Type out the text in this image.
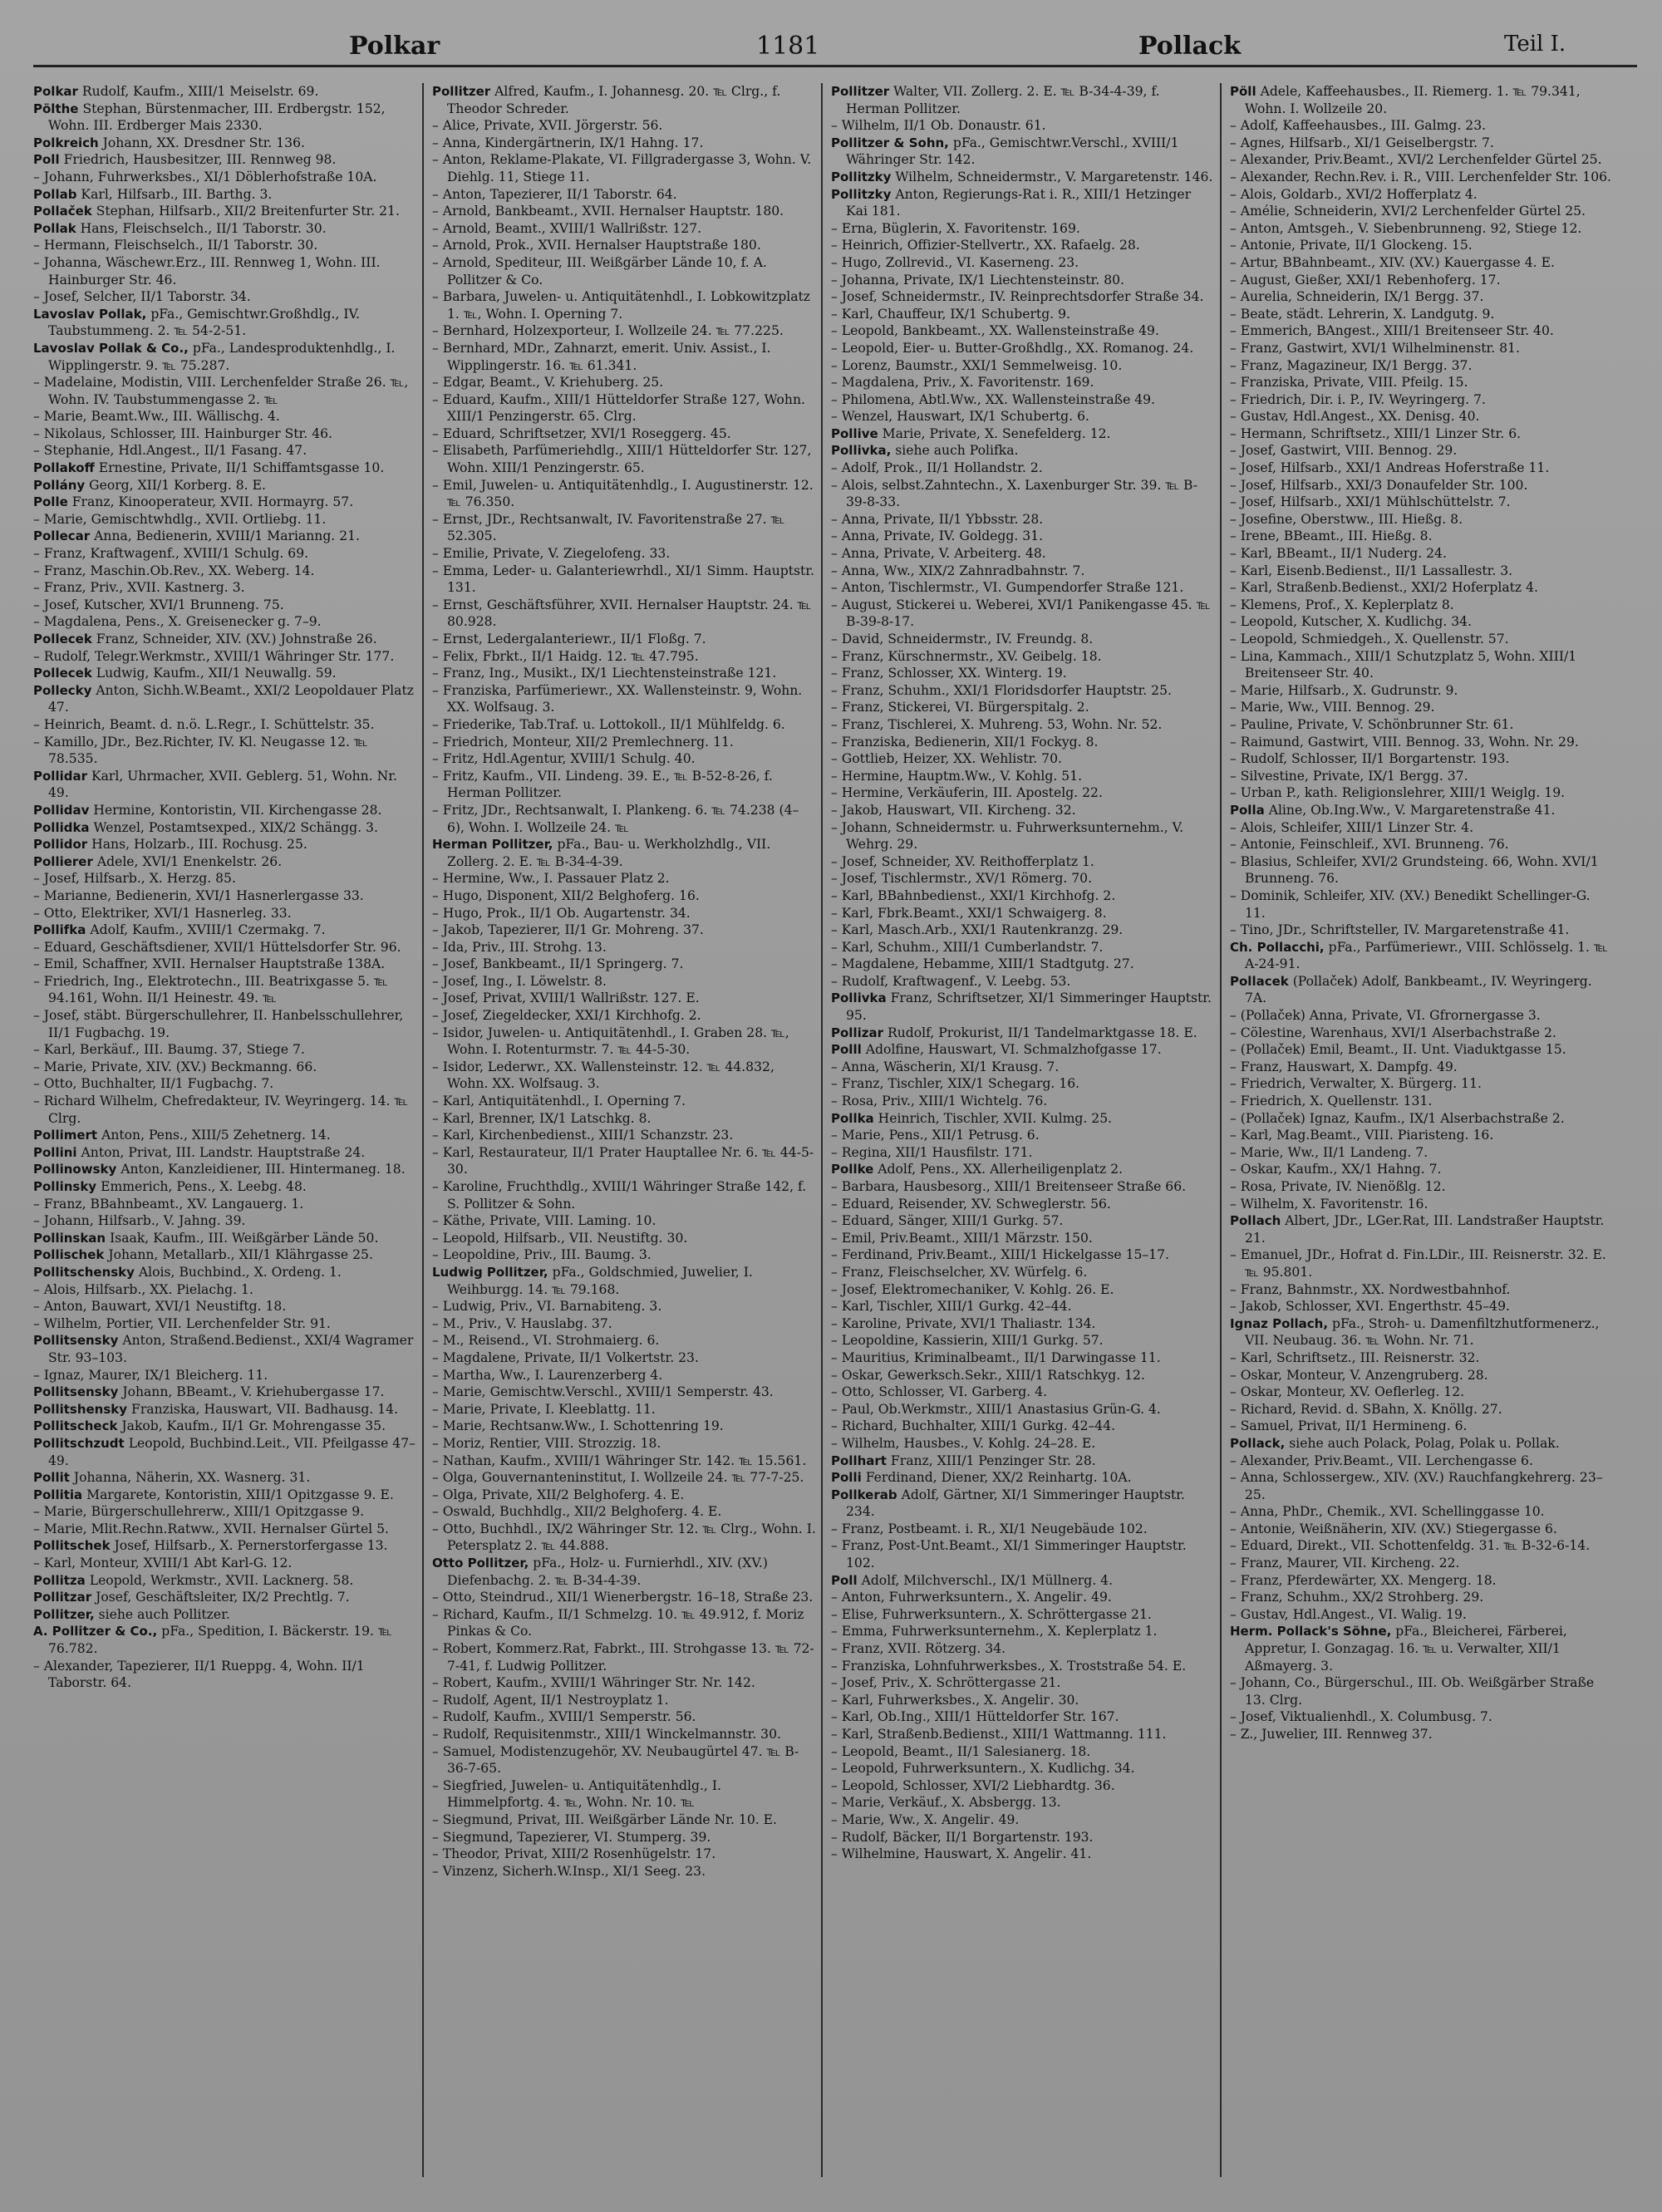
Polkar	1181	Pollack	Teil I.

Polkar Rudolf, Kaufm., XIII/1 Meiselstr. 69.

Pölthe Stephan, Bürstenmacher, III. Erdbergstr. 152, Wohn. III. Erdberger Mais 2330.

Polkreich Johann, XX. Dresdner Str. 136.

Poll Friedrich, Hausbesitzer, III. Rennweg 98.

– Johann, Fuhrwerksbes., XI/1 Döblerhofstraße 10A.

Pollab Karl, Hilfsarb., III. Barthg. 3.

Pollaček Stephan, Hilfsarb., XII/2 Breitenfurter Str. 21.

Pollak Hans, Fleischselch., II/1 Taborstr. 30.

– Hermann, Fleischselch., II/1 Taborstr. 30.

– Johanna, Wäschewr.Erz., III. Rennweg 1, Wohn. III. Hainburger Str. 46.

– Josef, Selcher, II/1 Taborstr. 34.

Lavoslav Pollak, pFa., Gemischtwr.Großhdlg., IV. Taubstummeng. 2. ℡ 54-2-51.

Lavoslav Pollak & Co., pFa., Landesproduktenhdlg., I. Wipplingerstr. 9. ℡ 75.287.

– Madelaine, Modistin, VIII. Lerchenfelder Straße 26. ℡, Wohn. IV. Taubstummengasse 2. ℡

– Marie, Beamt.Ww., III. Wällischg. 4.

– Nikolaus, Schlosser, III. Hainburger Str. 46.

– Stephanie, Hdl.Angest., II/1 Fasang. 47.

Pollakoff Ernestine, Private, II/1 Schiffamtsgasse 10.

Pollány Georg, XII/1 Korberg. 8. E.

Polle Franz, Kinooperateur, XVII. Hormayrg. 57.

– Marie, Gemischtwhdlg., XVII. Ortliebg. 11.

Pollecar Anna, Bedienerin, XVIII/1 Marianng. 21.

– Franz, Kraftwagenf., XVIII/1 Schulg. 69.

– Franz, Maschin.Ob.Rev., XX. Weberg. 14.

– Franz, Priv., XVII. Kastnerg. 3.

– Josef, Kutscher, XVI/1 Brunneng. 75.

– Magdalena, Pens., X. Greisenecker g. 7–9.

Pollecek Franz, Schneider, XIV. (XV.) Johnstraße 26.

– Rudolf, Telegr.Werkmstr., XVIII/1 Währinger Str. 177.

Pollecek Ludwig, Kaufm., XII/1 Neuwallg. 59.

Pollecky Anton, Sichh.W.Beamt., XXI/2 Leopoldauer Platz 47.

– Heinrich, Beamt. d. n.ö. L.Regr., I. Schüttelstr. 35.

– Kamillo, JDr., Bez.Richter, IV. Kl. Neugasse 12. ℡ 78.535.

Pollidar Karl, Uhrmacher, XVII. Geblerg. 51, Wohn. Nr. 49.

Pollidav Hermine, Kontoristin, VII. Kirchengasse 28.

Pollidka Wenzel, Postamtsexped., XIX/2 Schängg. 3.

Pollidor Hans, Holzarb., III. Rochusg. 25.

Pollierer Adele, XVI/1 Enenkelstr. 26.

– Josef, Hilfsarb., X. Herzg. 85.

– Marianne, Bedienerin, XVI/1 Hasnerlergasse 33.

– Otto, Elektriker, XVI/1 Hasnerleg. 33.

Pollifka Adolf, Kaufm., XVIII/1 Czermakg. 7.

– Eduard, Geschäftsdiener, XVII/1 Hüttelsdorfer Str. 96.

– Emil, Schaffner, XVII. Hernalser Hauptstraße 138A.

– Friedrich, Ing., Elektrotechn., III. Beatrixgasse 5. ℡ 94.161, Wohn. II/1 Heinestr. 49. ℡

– Josef, stäbt. Bürgerschullehrer, II. Hanbelsschullehrer, II/1 Fugbachg. 19.

– Karl, Berkäuf., III. Baumg. 37, Stiege 7.

– Marie, Private, XIV. (XV.) Beckmanng. 66.

– Otto, Buchhalter, II/1 Fugbachg. 7.

– Richard Wilhelm, Chefredakteur, IV. Weyringerg. 14. ℡ Clrg.

Pollimert Anton, Pens., XIII/5 Zehetnerg. 14.

Pollini Anton, Privat, III. Landstr. Hauptstraße 24.

Pollinowsky Anton, Kanzleidiener, III. Hintermaneg. 18.

Pollinsky Emmerich, Pens., X. Leebg. 48.

– Franz, BBahnbeamt., XV. Langauerg. 1.

– Johann, Hilfsarb., V. Jahng. 39.

Pollinskan Isaak, Kaufm., III. Weißgärber Lände 50.

Pollischek Johann, Metallarb., XII/1 Klährgasse 25.

Pollitschensky Alois, Buchbind., X. Ordeng. 1.

– Alois, Hilfsarb., XX. Pielachg. 1.

– Anton, Bauwart, XVI/1 Neustiftg. 18.

– Wilhelm, Portier, VII. Lerchenfelder Str. 91.

Pollitsensky Anton, Straßend.Bedienst., XXI/4 Wagramer Str. 93–103.

– Ignaz, Maurer, IX/1 Bleicherg. 11.

Pollitsensky Johann, BBeamt., V. Kriehubergasse 17.

Pollitshensky Franziska, Hauswart, VII. Badhausg. 14.

Pollitscheck Jakob, Kaufm., II/1 Gr. Mohrengasse 35.

Pollitschzudt Leopold, Buchbind.Leit., VII. Pfeilgasse 47–49.

Pollit Johanna, Näherin, XX. Wasnerg. 31.

Pollitia Margarete, Kontoristin, XIII/1 Opitzgasse 9. E.

– Marie, Bürgerschullehrerw., XIII/1 Opitzgasse 9.

– Marie, Mlit.Rechn.Ratww., XVII. Hernalser Gürtel 5.

Pollitschek Josef, Hilfsarb., X. Pernerstorfergasse 13.

– Karl, Monteur, XVIII/1 Abt Karl-G. 12.

Pollitza Leopold, Werkmstr., XVII. Lacknerg. 58.

Pollitzar Josef, Geschäftsleiter, IX/2 Prechtlg. 7.

Pollitzer, siehe auch Pollitzer.

A. Pollitzer & Co., pFa., Spedition, I. Bäckerstr. 19. ℡ 76.782.

– Alexander, Tapezierer, II/1 Rueppg. 4, Wohn. II/1 Taborstr. 64.

Pollitzer Alfred, Kaufm., I. Johannesg. 20. ℡ Clrg., f. Theodor Schreder.

– Alice, Private, XVII. Jörgerstr. 56.

– Anna, Kindergärtnerin, IX/1 Hahng. 17.

– Anton, Reklame-Plakate, VI. Fillgradergasse 3, Wohn. V. Diehlg. 11, Stiege 11.

– Anton, Tapezierer, II/1 Taborstr. 64.

– Arnold, Bankbeamt., XVII. Hernalser Hauptstr. 180.

– Arnold, Beamt., XVIII/1 Wallrißstr. 127.

– Arnold, Prok., XVII. Hernalser Hauptstraße 180.

– Arnold, Spediteur, III. Weißgärber Lände 10, f. A. Pollitzer & Co.

– Barbara, Juwelen- u. Antiquitätenhdl., I. Lobkowitzplatz 1. ℡, Wohn. I. Operning 7.

– Bernhard, Holzexporteur, I. Wollzeile 24. ℡ 77.225.

– Bernhard, MDr., Zahnarzt, emerit. Univ. Assist., I. Wipplingerstr. 16. ℡ 61.341.

– Edgar, Beamt., V. Kriehuberg. 25.

– Eduard, Kaufm., XIII/1 Hütteldorfer Straße 127, Wohn. XIII/1 Penzingerstr. 65. Clrg.

– Eduard, Schriftsetzer, XVI/1 Roseggerg. 45.

– Elisabeth, Parfümeriehdlg., XIII/1 Hütteldorfer Str. 127, Wohn. XIII/1 Penzingerstr. 65.

– Emil, Juwelen- u. Antiquitätenhdlg., I. Augustinerstr. 12. ℡ 76.350.

– Ernst, JDr., Rechtsanwalt, IV. Favoritenstraße 27. ℡ 52.305.

– Emilie, Private, V. Ziegelofeng. 33.

– Emma, Leder- u. Galanteriewrhdl., XI/1 Simm. Hauptstr. 131.

– Ernst, Geschäftsführer, XVII. Hernalser Hauptstr. 24. ℡ 80.928.

– Ernst, Ledergalanteriewr., II/1 Floßg. 7.

– Felix, Fbrkt., II/1 Haidg. 12. ℡ 47.795.

– Franz, Ing., Musikt., IX/1 Liechtensteinstraße 121.

– Franziska, Parfümeriewr., XX. Wallensteinstr. 9, Wohn. XX. Wolfsaug. 3.

– Friederike, Tab.Traf. u. Lottokoll., II/1 Mühlfeldg. 6.

– Friedrich, Monteur, XII/2 Premlechnerg. 11.

– Fritz, Hdl.Agentur, XVIII/1 Schulg. 40.

– Fritz, Kaufm., VII. Lindeng. 39. E., ℡ B-52-8-26, f. Herman Pollitzer.

– Fritz, JDr., Rechtsanwalt, I. Plankeng. 6. ℡ 74.238 (4–6), Wohn. I. Wollzeile 24. ℡

Herman Pollitzer, pFa., Bau- u. Werkholzhdlg., VII. Zollerg. 2. E. ℡ B-34-4-39.

– Hermine, Ww., I. Passauer Platz 2.

– Hugo, Disponent, XII/2 Belghoferg. 16.

– Hugo, Prok., II/1 Ob. Augartenstr. 34.

– Jakob, Tapezierer, II/1 Gr. Mohreng. 37.

– Ida, Priv., III. Strohg. 13.

– Josef, Bankbeamt., II/1 Springerg. 7.

– Josef, Ing., I. Löwelstr. 8.

– Josef, Privat, XVIII/1 Wallrißstr. 127. E.

– Josef, Ziegeldecker, XXI/1 Kirchhofg. 2.

– Isidor, Juwelen- u. Antiquitätenhdl., I. Graben 28. ℡, Wohn. I. Rotenturmstr. 7. ℡ 44-5-30.

– Isidor, Lederwr., XX. Wallensteinstr. 12. ℡ 44.832, Wohn. XX. Wolfsaug. 3.

– Karl, Antiquitätenhdl., I. Operning 7.

– Karl, Brenner, IX/1 Latschkg. 8.

– Karl, Kirchenbedienst., XIII/1 Schanzstr. 23.

– Karl, Restaurateur, II/1 Prater Hauptallee Nr. 6. ℡ 44-5-30.

– Karoline, Fruchthdlg., XVIII/1 Währinger Straße 142, f. S. Pollitzer & Sohn.

– Käthe, Private, VIII. Laming. 10.

– Leopold, Hilfsarb., VII. Neustiftg. 30.

– Leopoldine, Priv., III. Baumg. 3.

Ludwig Pollitzer, pFa., Goldschmied, Juwelier, I. Weihburgg. 14. ℡ 79.168.

– Ludwig, Priv., VI. Barnabiteng. 3.

– M., Priv., V. Hauslabg. 37.

– M., Reisend., VI. Strohmaierg. 6.

– Magdalene, Private, II/1 Volkertstr. 23.

– Martha, Ww., I. Laurenzerberg 4.

– Marie, Gemischtw.Verschl., XVIII/1 Semperstr. 43.

– Marie, Private, I. Kleeblattg. 11.

– Marie, Rechtsanw.Ww., I. Schottenring 19.

– Moriz, Rentier, VIII. Strozzig. 18.

– Nathan, Kaufm., XVIII/1 Währinger Str. 142. ℡ 15.561.

– Olga, Gouvernanteninstitut, I. Wollzeile 24. ℡ 77-7-25.

– Olga, Private, XII/2 Belghoferg. 4. E.

– Oswald, Buchhdlg., XII/2 Belghoferg. 4. E.

– Otto, Buchhdl., IX/2 Währinger Str. 12. ℡ Clrg., Wohn. I. Petersplatz 2. ℡ 44.888.

Otto Pollitzer, pFa., Holz- u. Furnierhdl., XIV. (XV.) Diefenbachg. 2. ℡ B-34-4-39.

– Otto, Steindrud., XII/1 Wienerbergstr. 16–18, Straße 23.

– Richard, Kaufm., II/1 Schmelzg. 10. ℡ 49.912, f. Moriz Pinkas & Co.

– Robert, Kommerz.Rat, Fabrkt., III. Strohgasse 13. ℡ 72-7-41, f. Ludwig Pollitzer.

– Robert, Kaufm., XVIII/1 Währinger Str. Nr. 142.

– Rudolf, Agent, II/1 Nestroyplatz 1.

– Rudolf, Kaufm., XVIII/1 Semperstr. 56.

– Rudolf, Requisitenmstr., XIII/1 Winckelmannstr. 30.

– Samuel, Modistenzugehör, XV. Neubaugürtel 47. ℡ B-36-7-65.

– Siegfried, Juwelen- u. Antiquitätenhdlg., I. Himmelpfortg. 4. ℡, Wohn. Nr. 10. ℡

– Siegmund, Privat, III. Weißgärber Lände Nr. 10. E.

– Siegmund, Tapezierer, VI. Stumperg. 39.

– Theodor, Privat, XIII/2 Rosenhügelstr. 17.

– Vinzenz, Sicherh.W.Insp., XI/1 Seeg. 23.

Pollitzer Walter, VII. Zollerg. 2. E. ℡ B-34-4-39, f. Herman Pollitzer.

– Wilhelm, II/1 Ob. Donaustr. 61.

Pollitzer & Sohn, pFa., Gemischtwr.Verschl., XVIII/1 Währinger Str. 142.

Pollitzky Wilhelm, Schneidermstr., V. Margaretenstr. 146.

Pollitzky Anton, Regierungs-Rat i. R., XIII/1 Hetzinger Kai 181.

– Erna, Büglerin, X. Favoritenstr. 169.

– Heinrich, Offizier-Stellvertr., XX. Rafaelg. 28.

– Hugo, Zollrevid., VI. Kaserneng. 23.

– Johanna, Private, IX/1 Liechtensteinstr. 80.

– Josef, Schneidermstr., IV. Reinprechtsdorfer Straße 34.

– Karl, Chauffeur, IX/1 Schubertg. 9.

– Leopold, Bankbeamt., XX. Wallensteinstraße 49.

– Leopold, Eier- u. Butter-Großhdlg., XX. Romanog. 24.

– Lorenz, Baumstr., XXI/1 Semmelweisg. 10.

– Magdalena, Priv., X. Favoritenstr. 169.

– Philomena, Abtl.Ww., XX. Wallensteinstraße 49.

– Wenzel, Hauswart, IX/1 Schubertg. 6.

Pollive Marie, Private, X. Senefelderg. 12.

Pollivka, siehe auch Polifka.

– Adolf, Prok., II/1 Hollandstr. 2.

– Alois, selbst.Zahntechn., X. Laxenburger Str. 39. ℡ B-39-8-33.

– Anna, Private, II/1 Ybbsstr. 28.

– Anna, Private, IV. Goldegg. 31.

– Anna, Private, V. Arbeiterg. 48.

– Anna, Ww., XIX/2 Zahnradbahnstr. 7.

– Anton, Tischlermstr., VI. Gumpendorfer Straße 121.

– August, Stickerei u. Weberei, XVI/1 Panikengasse 45. ℡ B-39-8-17.

– David, Schneidermstr., IV. Freundg. 8.

– Franz, Kürschnermstr., XV. Geibelg. 18.

– Franz, Schlosser, XX. Winterg. 19.

– Franz, Schuhm., XXI/1 Floridsdorfer Hauptstr. 25.

– Franz, Stickerei, VI. Bürgerspitalg. 2.

– Franz, Tischlerei, X. Muhreng. 53, Wohn. Nr. 52.

– Franziska, Bedienerin, XII/1 Fockyg. 8.

– Gottlieb, Heizer, XX. Wehlistr. 70.

– Hermine, Hauptm.Ww., V. Kohlg. 51.

– Hermine, Verkäuferin, III. Apostelg. 22.

– Jakob, Hauswart, VII. Kircheng. 32.

– Johann, Schneidermstr. u. Fuhrwerksunternehm., V. Wehrg. 29.

– Josef, Schneider, XV. Reithofferplatz 1.

– Josef, Tischlermstr., XV/1 Römerg. 70.

– Karl, BBahnbedienst., XXI/1 Kirchhofg. 2.

– Karl, Fbrk.Beamt., XXI/1 Schwaigerg. 8.

– Karl, Masch.Arb., XXI/1 Rautenkranzg. 29.

– Karl, Schuhm., XIII/1 Cumberlandstr. 7.

– Magdalene, Hebamme, XIII/1 Stadtgutg. 27.

– Rudolf, Kraftwagenf., V. Leebg. 53.

Pollivka Franz, Schriftsetzer, XI/1 Simmeringer Hauptstr. 95.

Pollizar Rudolf, Prokurist, II/1 Tandelmarktgasse 18. E.

Polll Adolfine, Hauswart, VI. Schmalzhofgasse 17.

– Anna, Wäscherin, XI/1 Krausg. 7.

– Franz, Tischler, XIX/1 Schegarg. 16.

– Rosa, Priv., XIII/1 Wichtelg. 76.

Pollka Heinrich, Tischler, XVII. Kulmg. 25.

– Marie, Pens., XII/1 Petrusg. 6.

– Regina, XII/1 Hausfilstr. 171.

Pollke Adolf, Pens., XX. Allerheiligenplatz 2.

– Barbara, Hausbesorg., XIII/1 Breitenseer Straße 66.

– Eduard, Reisender, XV. Schweglerstr. 56.

– Eduard, Sänger, XIII/1 Gurkg. 57.

– Emil, Priv.Beamt., XIII/1 Märzstr. 150.

– Ferdinand, Priv.Beamt., XIII/1 Hickelgasse 15–17.

– Franz, Fleischselcher, XV. Würfelg. 6.

– Josef, Elektromechaniker, V. Kohlg. 26. E.

– Karl, Tischler, XIII/1 Gurkg. 42–44.

– Karoline, Private, XVI/1 Thaliastr. 134.

– Leopoldine, Kassierin, XIII/1 Gurkg. 57.

– Mauritius, Kriminalbeamt., II/1 Darwingasse 11.

– Oskar, Gewerksch.Sekr., XIII/1 Ratschkyg. 12.

– Otto, Schlosser, VI. Garberg. 4.

– Paul, Ob.Werkmstr., XIII/1 Anastasius Grün-G. 4.

– Richard, Buchhalter, XIII/1 Gurkg. 42–44.

– Wilhelm, Hausbes., V. Kohlg. 24–28. E.

Pollhart Franz, XIII/1 Penzinger Str. 28.

Polli Ferdinand, Diener, XX/2 Reinhartg. 10A.

Pollkerab Adolf, Gärtner, XI/1 Simmeringer Hauptstr. 234.

– Franz, Postbeamt. i. R., XI/1 Neugebäude 102.

– Franz, Post-Unt.Beamt., XI/1 Simmeringer Hauptstr. 102.

Poll Adolf, Milchverschl., IX/1 Müllnerg. 4.

– Anton, Fuhrwerksuntern., X. Angeliг. 49.

– Elise, Fuhrwerksuntern., X. Schröttergasse 21.

– Emma, Fuhrwerksunternehm., X. Keplerplatz 1.

– Franz, XVII. Rötzerg. 34.

– Franziska, Lohnfuhrwerksbes., X. Troststraße 54. E.

– Josef, Priv., X. Schröttergasse 21.

– Karl, Fuhrwerksbes., X. Angeliг. 30.

– Karl, Ob.Ing., XIII/1 Hütteldorfer Str. 167.

– Karl, Straßenb.Bedienst., XIII/1 Wattmanng. 111.

– Leopold, Beamt., II/1 Salesianerg. 18.

– Leopold, Fuhrwerksuntern., X. Kudlichg. 34.

– Leopold, Schlosser, XVI/2 Liebhardtg. 36.

– Marie, Verkäuf., X. Absbergg. 13.

– Marie, Ww., X. Angeliг. 49.

– Rudolf, Bäcker, II/1 Borgartenstr. 193.

– Wilhelmine, Hauswart, X. Angeliг. 41.

Pöll Adele, Kaffeehausbes., II. Riemerg. 1. ℡ 79.341, Wohn. I. Wollzeile 20.

– Adolf, Kaffeehausbes., III. Galmg. 23.

– Agnes, Hilfsarb., XI/1 Geiselbergstr. 7.

– Alexander, Priv.Beamt., XVI/2 Lerchenfelder Gürtel 25.

– Alexander, Rechn.Rev. i. R., VIII. Lerchenfelder Str. 106.

– Alois, Goldarb., XVI/2 Hofferplatz 4.

– Amélie, Schneiderin, XVI/2 Lerchenfelder Gürtel 25.

– Anton, Amtsgeh., V. Siebenbrunneng. 92, Stiege 12.

– Antonie, Private, II/1 Glockeng. 15.

– Artur, BBahnbeamt., XIV. (XV.) Kauergasse 4. E.

– August, Gießer, XXI/1 Rebenhoferg. 17.

– Aurelia, Schneiderin, IX/1 Bergg. 37.

– Beate, städt. Lehrerin, X. Landgutg. 9.

– Emmerich, BAngest., XIII/1 Breitenseer Str. 40.

– Franz, Gastwirt, XVI/1 Wilhelminenstr. 81.

– Franz, Magazineur, IX/1 Bergg. 37.

– Franziska, Private, VIII. Pfeilg. 15.

– Friedrich, Dir. i. P., IV. Weyringerg. 7.

– Gustav, Hdl.Angest., XX. Denisg. 40.

– Hermann, Schriftsetz., XIII/1 Linzer Str. 6.

– Josef, Gastwirt, VIII. Bennog. 29.

– Josef, Hilfsarb., XXI/1 Andreas Hoferstraße 11.

– Josef, Hilfsarb., XXI/3 Donaufelder Str. 100.

– Josef, Hilfsarb., XXI/1 Mühlschüttelstr. 7.

– Josefine, Oberstww., III. Hießg. 8.

– Irene, BBeamt., III. Hießg. 8.

– Karl, BBeamt., II/1 Nuderg. 24.

– Karl, Eisenb.Bedienst., II/1 Lassallestr. 3.

– Karl, Straßenb.Bedienst., XXI/2 Hoferplatz 4.

– Klemens, Prof., X. Keplerplatz 8.

– Leopold, Kutscher, X. Kudlichg. 34.

– Leopold, Schmiedgeh., X. Quellenstr. 57.

– Lina, Kammach., XIII/1 Schutzplatz 5, Wohn. XIII/1 Breitenseer Str. 40.

– Marie, Hilfsarb., X. Gudrunstr. 9.

– Marie, Ww., VIII. Bennog. 29.

– Pauline, Private, V. Schönbrunner Str. 61.

– Raimund, Gastwirt, VIII. Bennog. 33, Wohn. Nr. 29.

– Rudolf, Schlosser, II/1 Borgartenstr. 193.

– Silvestine, Private, IX/1 Bergg. 37.

– Urban P., kath. Religionslehrer, XIII/1 Weiglg. 19.

Polla Aline, Ob.Ing.Ww., V. Margaretenstraße 41.

– Alois, Schleifer, XIII/1 Linzer Str. 4.

– Antonie, Feinschleif., XVI. Brunneng. 76.

– Blasius, Schleifer, XVI/2 Grundsteing. 66, Wohn. XVI/1 Brunneng. 76.

– Dominik, Schleifer, XIV. (XV.) Benedikt Schellinger-G. 11.

– Tino, JDr., Schriftsteller, IV. Margaretenstraße 41.

Ch. Pollacchi, pFa., Parfümeriewr., VIII. Schlösselg. 1. ℡ A-24-91.

Pollacek (Pollaček) Adolf, Bankbeamt., IV. Weyringerg. 7A.

– (Pollaček) Anna, Private, VI. Gfrornergasse 3.

– Cölestine, Warenhaus, XVI/1 Alserbachstraße 2.

– (Pollaček) Emil, Beamt., II. Unt. Viaduktgasse 15.

– Franz, Hauswart, X. Dampfg. 49.

– Friedrich, Verwalter, X. Bürgerg. 11.

– Friedrich, X. Quellenstr. 131.

– (Pollaček) Ignaz, Kaufm., IX/1 Alserbachstraße 2.

– Karl, Mag.Beamt., VIII. Piaristeng. 16.

– Marie, Ww., II/1 Landeng. 7.

– Oskar, Kaufm., XX/1 Hahng. 7.

– Rosa, Private, IV. Nienößlg. 12.

– Wilhelm, X. Favoritenstr. 16.

Pollach Albert, JDr., LGer.Rat, III. Landstraßer Hauptstr. 21.

– Emanuel, JDr., Hofrat d. Fin.LDir., III. Reisnerstr. 32. E. ℡ 95.801.

– Franz, Bahnmstr., XX. Nordwestbahnhof.

– Jakob, Schlosser, XVI. Engerthstr. 45–49.

Ignaz Pollach, pFa., Stroh- u. Damenfiltzhutformenerz., VII. Neubaug. 36. ℡ Wohn. Nr. 71.

– Karl, Schriftsetz., III. Reisnerstr. 32.

– Oskar, Monteur, V. Anzengruberg. 28.

– Oskar, Monteur, XV. Oeflerleg. 12.

– Richard, Revid. d. SBahn, X. Knöllg. 27.

– Samuel, Privat, II/1 Hermineng. 6.

Pollack, siehe auch Polack, Polag, Polak u. Pollak.

– Alexander, Priv.Beamt., VII. Lerchengasse 6.

– Anna, Schlossergew., XIV. (XV.) Rauchfangkehrerg. 23–25.

– Anna, PhDr., Chemik., XVI. Schellinggasse 10.

– Antonie, Weißnäherin, XIV. (XV.) Stiegergasse 6.

– Eduard, Direkt., VII. Schottenfeldg. 31. ℡ B-32-6-14.

– Franz, Maurer, VII. Kircheng. 22.

– Franz, Pferdewärter, XX. Mengerg. 18.

– Franz, Schuhm., XX/2 Strohberg. 29.

– Gustav, Hdl.Angest., VI. Walig. 19.

Herm. Pollack's Söhne, pFa., Bleicherei, Färberei, Appretur, I. Gonzagag. 16. ℡ u. Verwalter, XII/1 Aßmayerg. 3.

– Johann, Co., Bürgerschul., III. Ob. Weißgärber Straße 13. Clrg.

– Josef, Viktualienhdl., X. Columbusg. 7.

– Z., Juwelier, III. Rennweg 37.
